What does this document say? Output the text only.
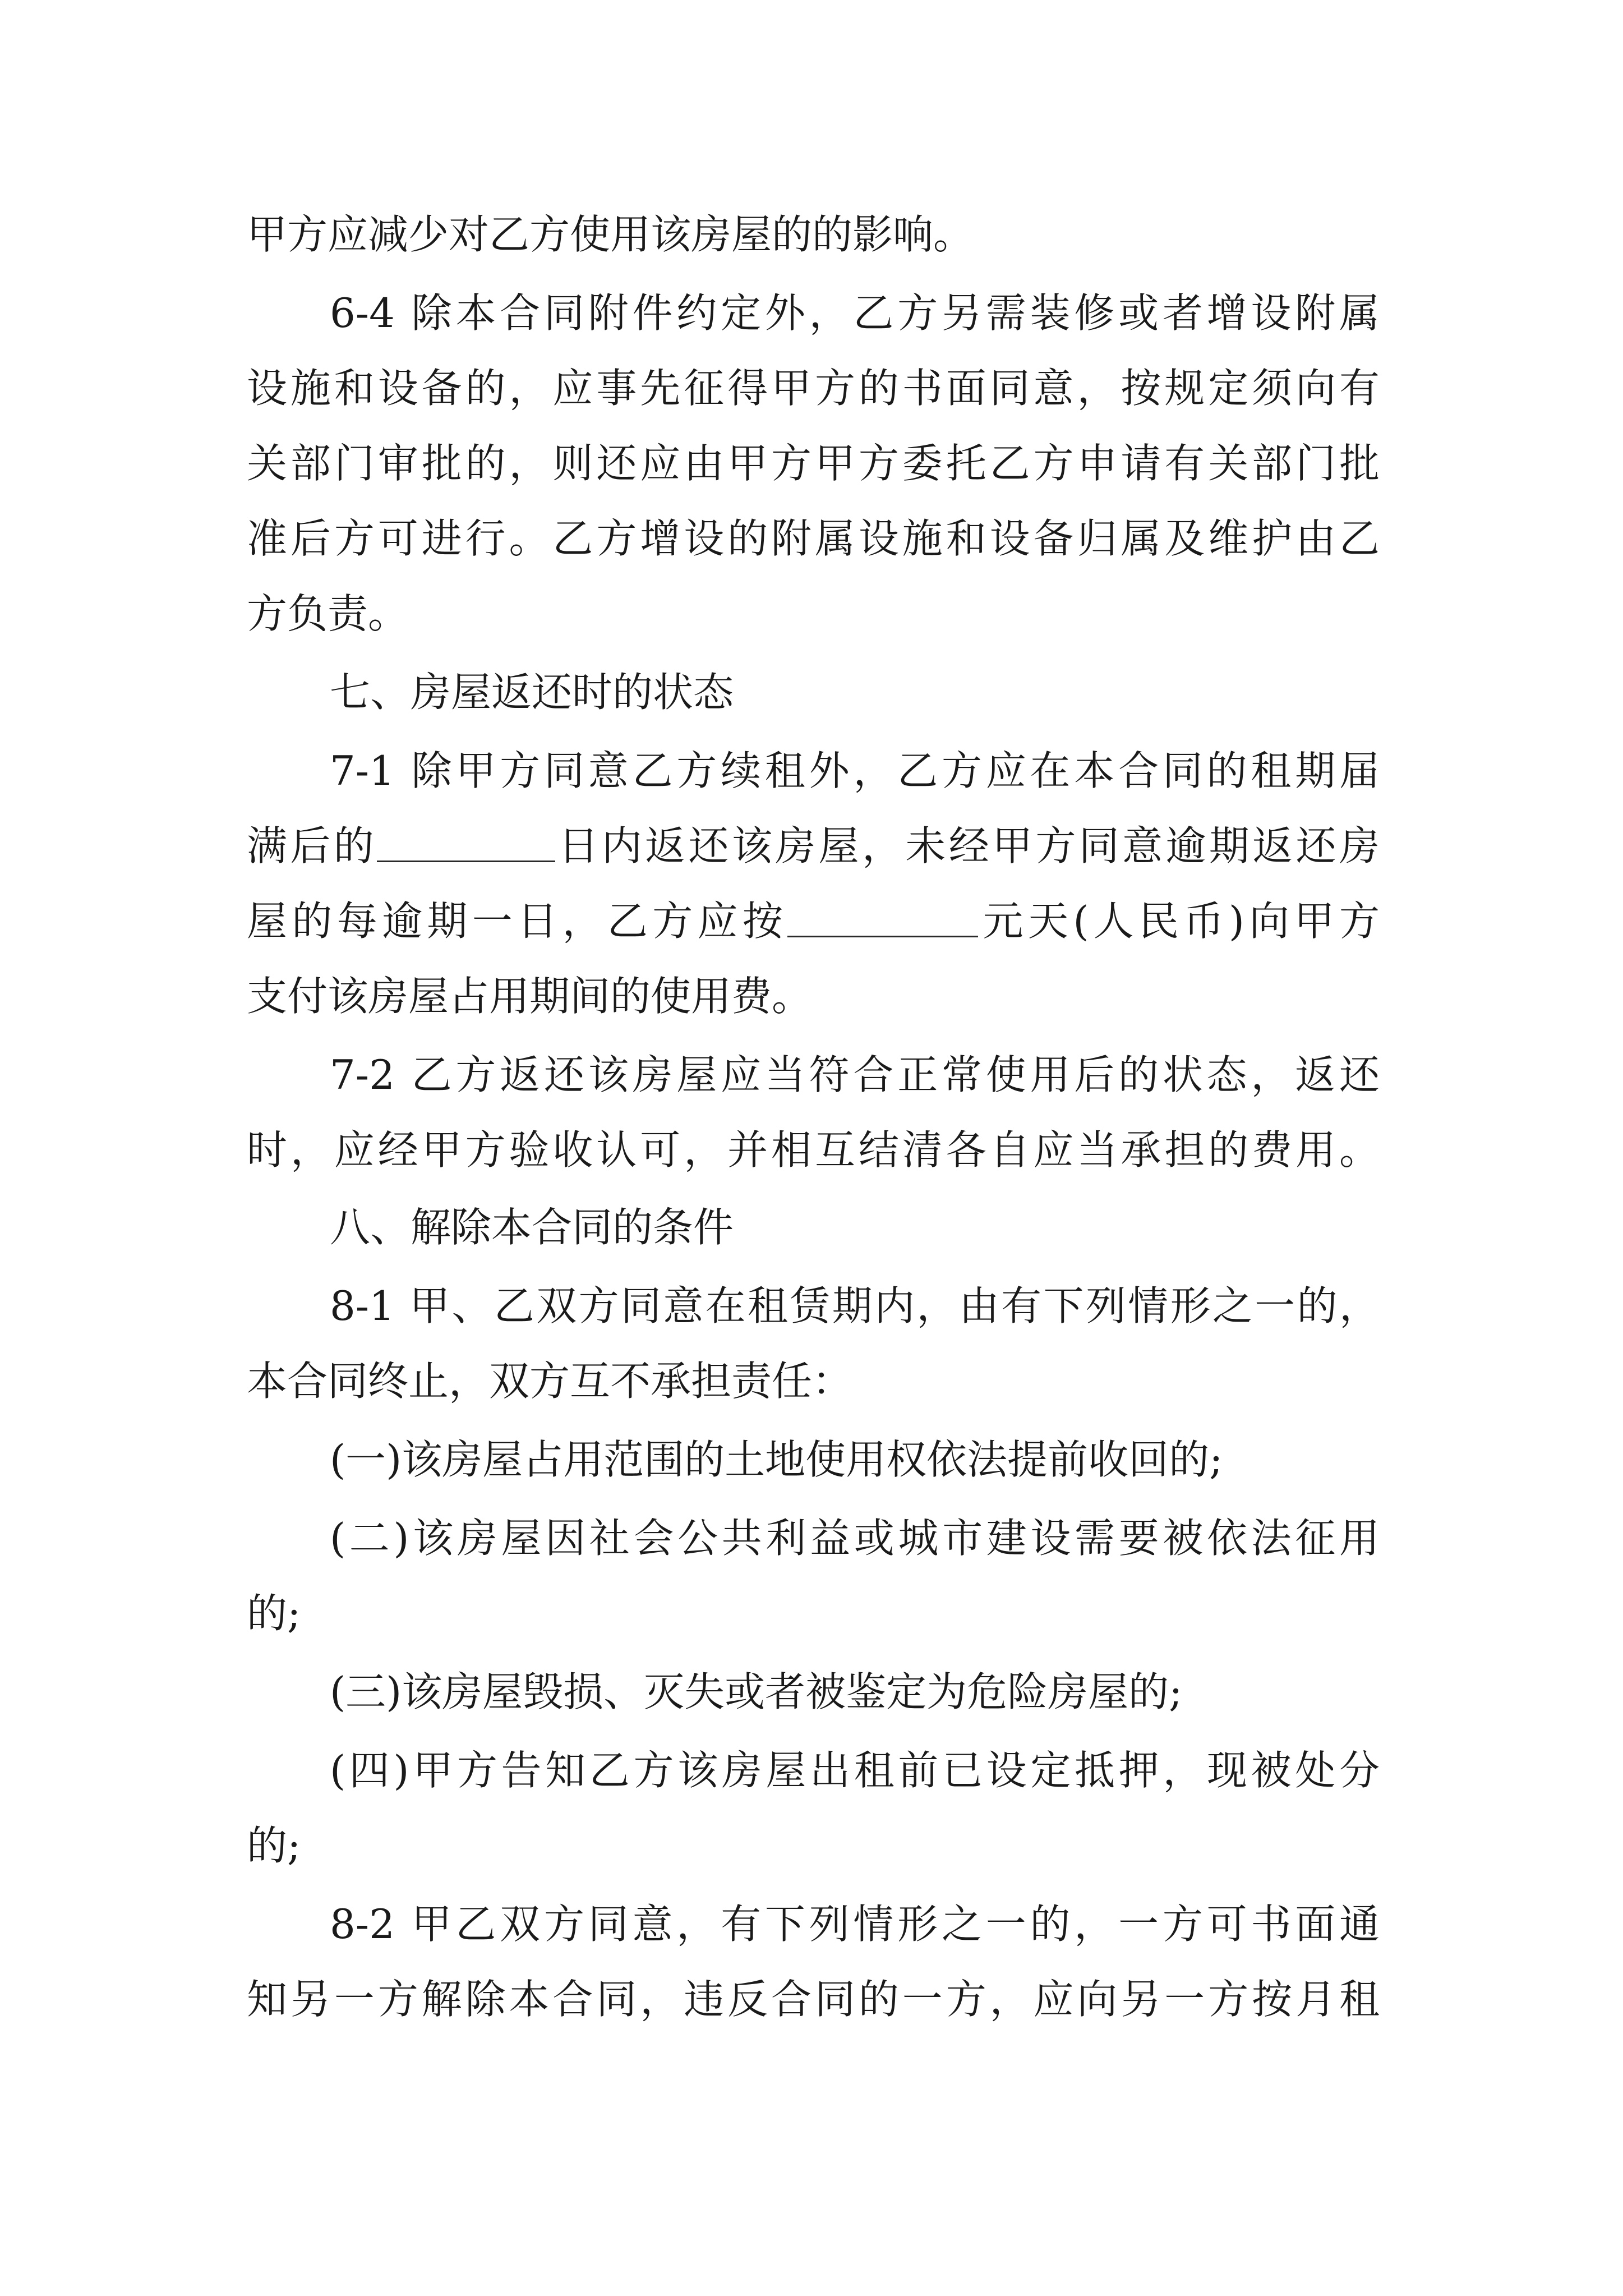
甲方应减少对乙方使用该房屋的的影响。
6-4 除本合同附件约定外，乙方另需装修或者增设附属
设施和设备的，应事先征得甲方的书面同意，按规定须向有
关部门审批的，则还应由甲方甲方委托乙方申请有关部门批
准后方可进行。乙方增设的附属设施和设备归属及维护由乙
方负责。
七、房屋返还时的状态
7-1 除甲方同意乙方续租外，乙方应在本合同的租期届
满后的	日内返还该房屋，未经甲方同意逾期返还房
屋的每逾期一日，乙方应按	元天(人民币)向甲方
支付该房屋占用期间的使用费。
7-2 乙方返还该房屋应当符合正常使用后的状态，返还
时，应经甲方验收认可，并相互结清各自应当承担的费用。
八、解除本合同的条件
8-1 甲、乙双方同意在租赁期内，由有下列情形之一的，
本合同终止，双方互不承担责任：
(一)该房屋占用范围的土地使用权依法提前收回的;
(二)该房屋因社会公共利益或城市建设需要被依法征用
的;
(三)该房屋毁损、灭失或者被鉴定为危险房屋的;
(四)甲方告知乙方该房屋出租前已设定抵押，现被处分
的;
8-2 甲乙双方同意，有下列情形之一的，一方可书面通
知另一方解除本合同，违反合同的一方，应向另一方按月租
